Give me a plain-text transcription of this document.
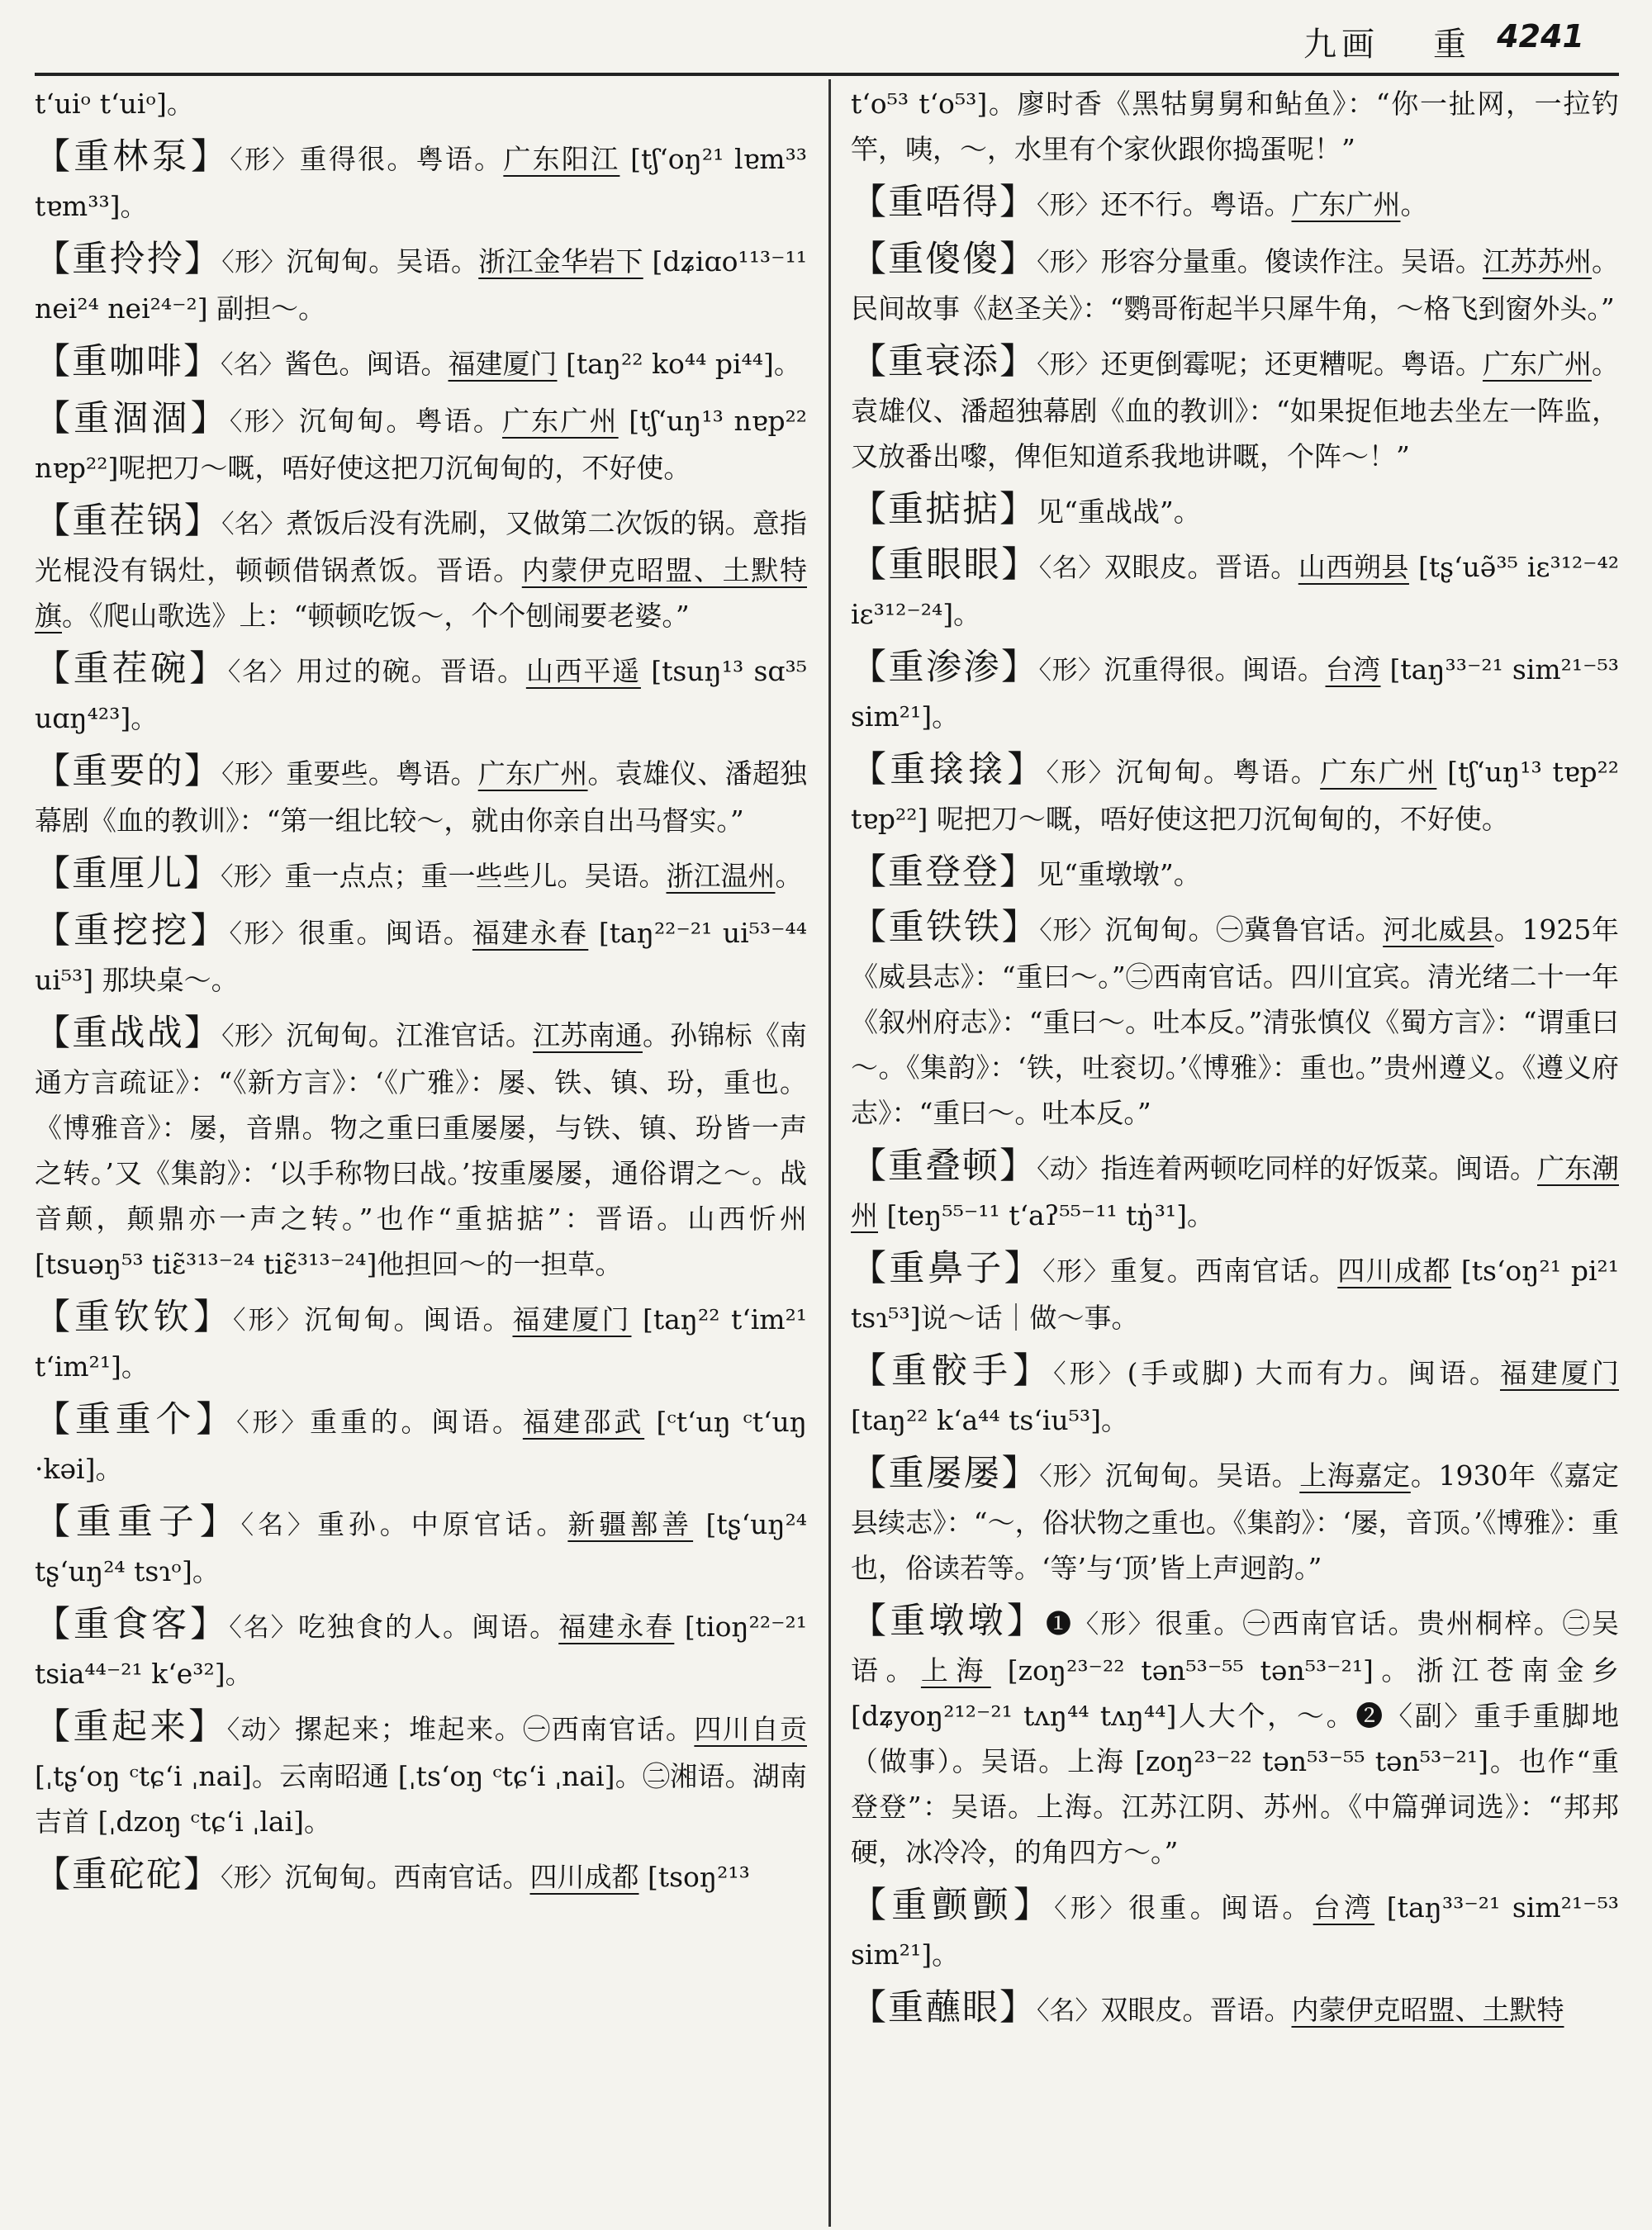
九画 重 4241
t‘uiᵒ t‘uiᵒ]。
【重林泵】〈形〉重得很。粤语。广东阳江 [tʃ‘oŋ²¹ lɐm³³ tɐm³³]。
【重拎拎】〈形〉沉甸甸。吴语。浙江金华岩下 [dʑiɑo¹¹³⁻¹¹ nei²⁴ nei²⁴⁻²] 副担～。
【重咖啡】〈名〉酱色。闽语。福建厦门 [taŋ²² ko⁴⁴ pi⁴⁴]。
【重涸涸】〈形〉沉甸甸。粤语。广东广州 [tʃ‘uŋ¹³ nɐp²² nɐp²²]呢把刀～嘅，唔好使这把刀沉甸甸的，不好使。
【重茬锅】〈名〉煮饭后没有洗刷，又做第二次饭的锅。意指光棍没有锅灶，顿顿借锅煮饭。晋语。内蒙伊克昭盟、土默特旗。《爬山歌选》上：“顿顿吃饭～，个个刨闹要老婆。”
【重茬碗】〈名〉用过的碗。晋语。山西平遥 [tsuŋ¹³ sɑ³⁵ uɑŋ⁴²³]。
【重要的】〈形〉重要些。粤语。广东广州。袁雄仪、潘超独幕剧《血的教训》：“第一组比较～，就由你亲自出马督实。”
【重厘儿】〈形〉重一点点；重一些些儿。吴语。浙江温州。
【重挖挖】〈形〉很重。闽语。福建永春 [taŋ²²⁻²¹ ui⁵³⁻⁴⁴ ui⁵³] 那块桌～。
【重战战】〈形〉沉甸甸。江淮官话。江苏南通。孙锦标《南通方言疏证》：“《新方言》：‘《广雅》：屡、铁、镇、玢，重也。《博雅音》：屡，音鼎。物之重曰重屡屡，与铁、镇、玢皆一声之转。’又《集韵》：‘以手称物曰战。’按重屡屡，通俗谓之～。战音颠，颠鼎亦一声之转。”也作“重掂掂”：晋语。山西忻州[tsuəŋ⁵³ tiɛ̃³¹³⁻²⁴ tiɛ̃³¹³⁻²⁴]他担回～的一担草。
【重钦钦】〈形〉沉甸甸。闽语。福建厦门 [taŋ²² t‘im²¹ t‘im²¹]。
【重重个】〈形〉重重的。闽语。福建邵武 [ᶜt‘uŋ ᶜt‘uŋ ·kəi]。
【重重子】〈名〉重孙。中原官话。新疆鄯善 [tʂ‘uŋ²⁴ tʂ‘uŋ²⁴ tsɿᵒ]。
【重食客】〈名〉吃独食的人。闽语。福建永春 [tioŋ²²⁻²¹ tsia⁴⁴⁻²¹ k‘e³²]。
【重起来】〈动〉摞起来；堆起来。㊀西南官话。四川自贡 [ˌtʂ‘oŋ ᶜtɕ‘i ˌnai]。云南昭通 [ˌts‘oŋ ᶜtɕ‘i ˌnai]。㊁湘语。湖南吉首 [ˌdzoŋ ᶜtɕ‘i ˌlai]。
【重砣砣】〈形〉沉甸甸。西南官话。四川成都 [tsoŋ²¹³
t‘o⁵³ t‘o⁵³]。廖时香《黑牯舅舅和鲇鱼》：“你一扯网，一拉钓竿，咦，～，水里有个家伙跟你捣蛋呢！”
【重唔得】〈形〉还不行。粤语。广东广州。
【重傻傻】〈形〉形容分量重。傻读作注。吴语。江苏苏州。民间故事《赵圣关》：“鹦哥衔起半只犀牛角，～格飞到窗外头。”
【重衰添】〈形〉还更倒霉呢；还更糟呢。粤语。广东广州。袁雄仪、潘超独幕剧《血的教训》：“如果捉佢地去坐左一阵监，又放番出嚟，俾佢知道系我地讲嘅，个阵～！”
【重掂掂】见“重战战”。
【重眼眼】〈名〉双眼皮。晋语。山西朔县 [tʂ‘uə̃³⁵ iɛ³¹²⁻⁴² iɛ³¹²⁻²⁴]。
【重渗渗】〈形〉沉重得很。闽语。台湾 [taŋ³³⁻²¹ sim²¹⁻⁵³ sim²¹]。
【重搇搇】〈形〉沉甸甸。粤语。广东广州 [tʃ‘uŋ¹³ tɐp²² tɐp²²] 呢把刀～嘅，唔好使这把刀沉甸甸的，不好使。
【重登登】见“重墩墩”。
【重铁铁】〈形〉沉甸甸。㊀冀鲁官话。河北威县。1925年《威县志》：“重曰～。”㊁西南官话。四川宜宾。清光绪二十一年《叙州府志》：“重曰～。吐本反。”清张慎仪《蜀方言》：“谓重曰～。《集韵》：‘铁，吐衮切。’《博雅》：重也。”贵州遵义。《遵义府志》：“重曰～。吐本反。”
【重叠顿】〈动〉指连着两顿吃同样的好饭菜。闽语。广东潮州 [teŋ⁵⁵⁻¹¹ t‘aʔ⁵⁵⁻¹¹ tŋ̍³¹]。
【重鼻子】〈形〉重复。西南官话。四川成都 [ts‘oŋ²¹ pi²¹ tsɿ⁵³]说～话｜做～事。
【重骹手】〈形〉(手或脚) 大而有力。闽语。福建厦门 [taŋ²² k‘a⁴⁴ ts‘iu⁵³]。
【重屡屡】〈形〉沉甸甸。吴语。上海嘉定。1930年《嘉定县续志》：“～，俗状物之重也。《集韵》：‘屡，音顶。’《博雅》：重也，俗读若等。‘等’与‘顶’皆上声迥韵。”
【重墩墩】❶〈形〉很重。㊀西南官话。贵州桐梓。㊁吴语。上海 [zoŋ²³⁻²² tən⁵³⁻⁵⁵ tən⁵³⁻²¹]。浙江苍南金乡 [dʑyoŋ²¹²⁻²¹ tʌŋ⁴⁴ tʌŋ⁴⁴]人大个，～。❷〈副〉重手重脚地（做事）。吴语。上海 [zoŋ²³⁻²² tən⁵³⁻⁵⁵ tən⁵³⁻²¹]。也作“重登登”：吴语。上海。江苏江阴、苏州。《中篇弹词选》：“邦邦硬，冰冷冷，的角四方～。”
【重颤颤】〈形〉很重。闽语。台湾 [taŋ³³⁻²¹ sim²¹⁻⁵³ sim²¹]。
【重蘸眼】〈名〉双眼皮。晋语。内蒙伊克昭盟、土默特
